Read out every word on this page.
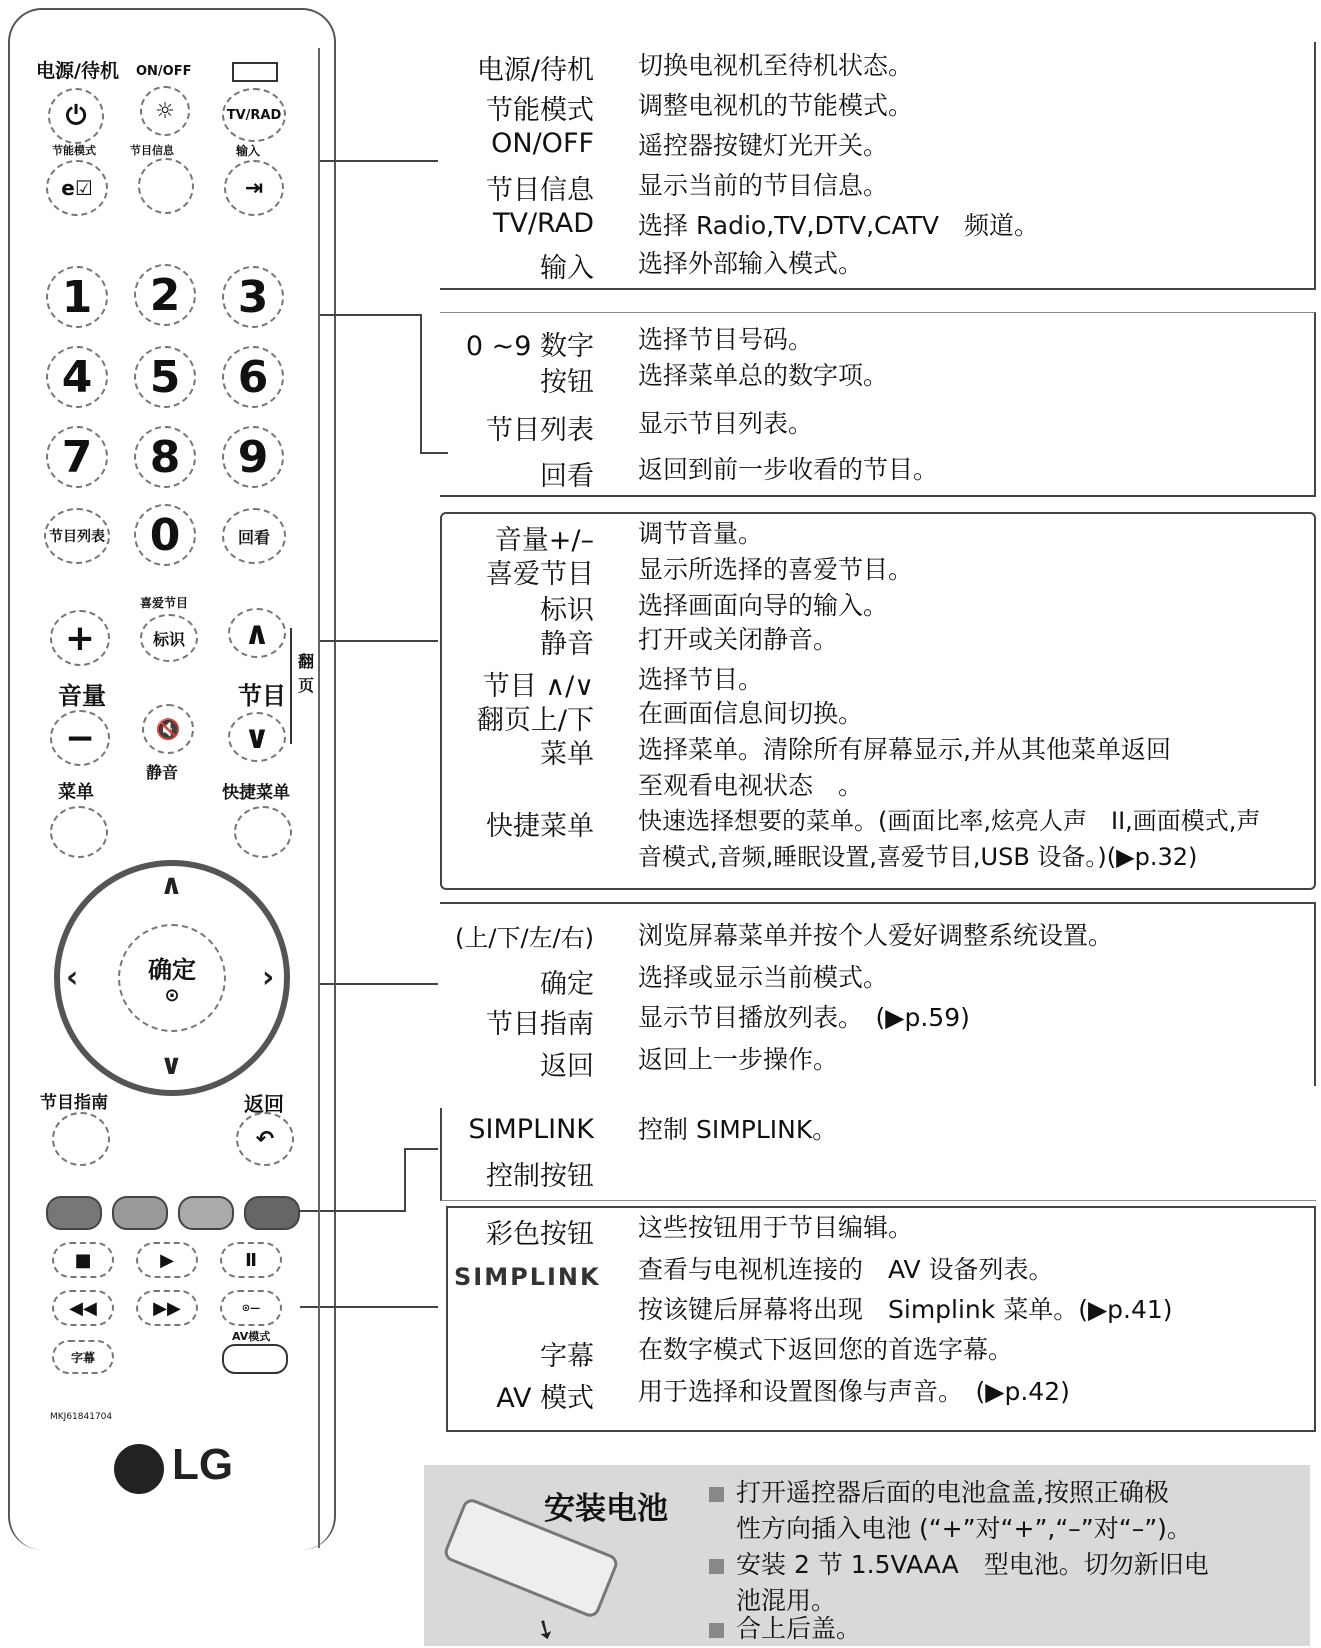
电源/待机 ON/OFF
⏻	☼	TV/RAD
节能模式	节目信息	输入
e☑	⇥
1	2	3
4	5	6
7	8	9
节目列表	0	回看
喜爱节目
+	标识	∧
音量	节目
翻页
−	🔇	∨
静音
菜单	快捷菜单
∧
∨
‹	›
确定
⊙
节目指南	返回
↶
■	▶	Ⅱ
◀◀	▶▶	⊙—
AV模式
字幕
MKJ61841704
LG
电源/待机 切换电视机至待机状态。
节能模式 调整电视机的节能模式。
ON/OFF 遥控器按键灯光开关。
节目信息 显示当前的节目信息。
TV/RAD 选择 Radio,TV,DTV,CATV　频道。
输入 选择外部输入模式。
0 ~9 数字 选择节目号码。
按钮 选择菜单总的数字项。
节目列表 显示节目列表。
回看 返回到前一步收看的节目。
音量+/– 调节音量。
喜爱节目 显示所选择的喜爱节目。
标识 选择画面向导的输入。
静音 打开或关闭静音。
节目 ∧/∨ 选择节目。
翻页上/下 在画面信息间切换。
菜单 选择菜单。清除所有屏幕显示,并从其他菜单返回
至观看电视状态　。
快捷菜单 快速选择想要的菜单。(画面比率,炫亮人声　II,画面模式,声
音模式,音频,睡眠设置,喜爱节目,USB 设备。)(▶p.32)
(上/下/左/右) 浏览屏幕菜单并按个人爱好调整系统设置。
确定 选择或显示当前模式。
节目指南 显示节目播放列表。　(▶p.59)
返回 返回上一步操作。
SIMPLINK 控制 SIMPLINK。
控制按钮
彩色按钮 这些按钮用于节目编辑。
SIMPLINK 查看与电视机连接的　AV 设备列表。
按该键后屏幕将出现　Simplink 菜单。(▶p.41)
字幕 在数字模式下返回您的首选字幕。
AV 模式 用于选择和设置图像与声音。　(▶p.42)
➘
安装电池	打开遥控器后面的电池盒盖,按照正确极
性方向插入电池 (“+”对“+”,“–”对“–”)。
安装 2 节 1.5VAAA　型电池。切勿新旧电
池混用。
合上后盖。
